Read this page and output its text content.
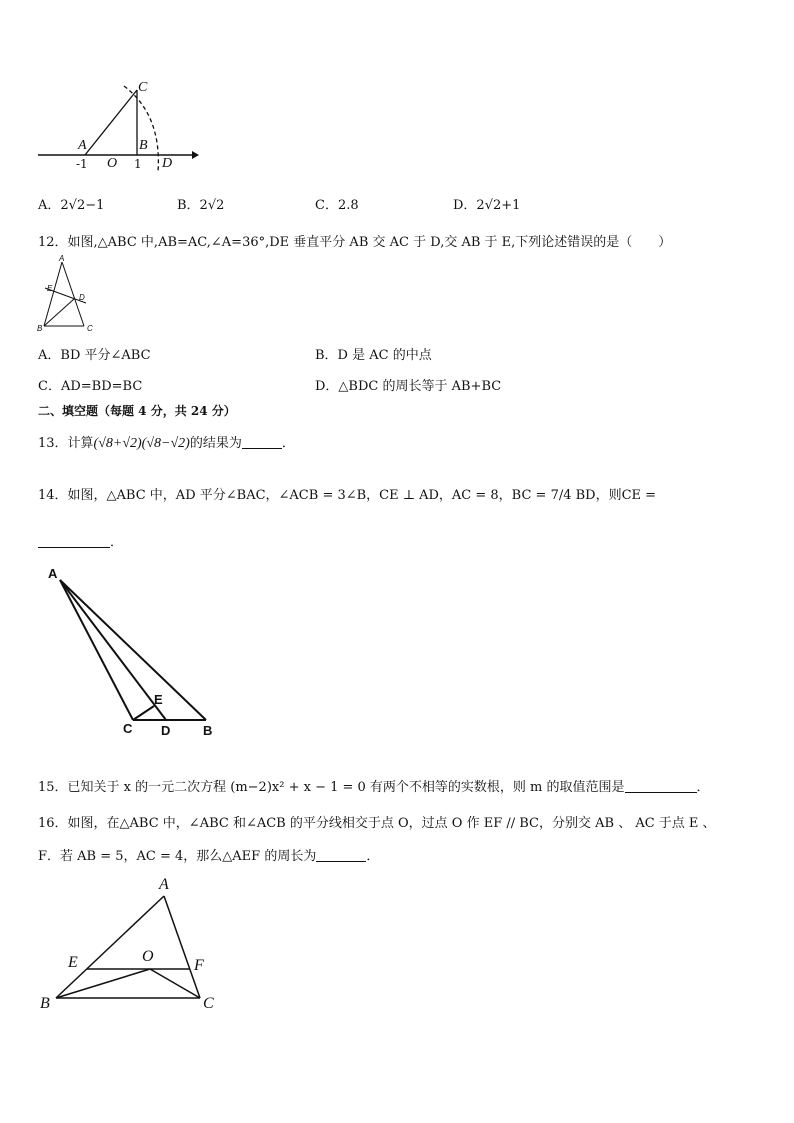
C
A	B
O	D
-1	1
A．2√2−1	B．2√2	C．2.8	D．2√2+1
12．如图,△ABC 中,AB=AC,∠A=36°,DE 垂直平分 AB 交 AC 于 D,交 AB 于 E,下列论述错误的是（　　）
A
E
D
B	C
A．BD 平分∠ABC	B．D 是 AC 的中点
C．AD=BD=BC	D．△BDC 的周长等于 AB+BC
二、填空题（每题 4 分，共 24 分）
13．计算(√8+√2)(√8−√2)的结果为	．
14．如图，△ABC 中，AD 平分∠BAC，∠ACB = 3∠B，CE ⊥ AD，AC = 8，BC = 7/4 BD，则CE =
．
A
E
C D	B
15．已知关于 x 的一元二次方程 (m−2)x² + x − 1 = 0 有两个不相等的实数根，则 m 的取值范围是	．
16．如图，在△ABC 中，∠ABC 和∠ACB 的平分线相交于点 O，过点 O 作 EF // BC，分别交 AB 、 AC 于点 E 、
F．若 AB = 5，AC = 4，那么△AEF 的周长为	．
A
E	O
F
B	C
